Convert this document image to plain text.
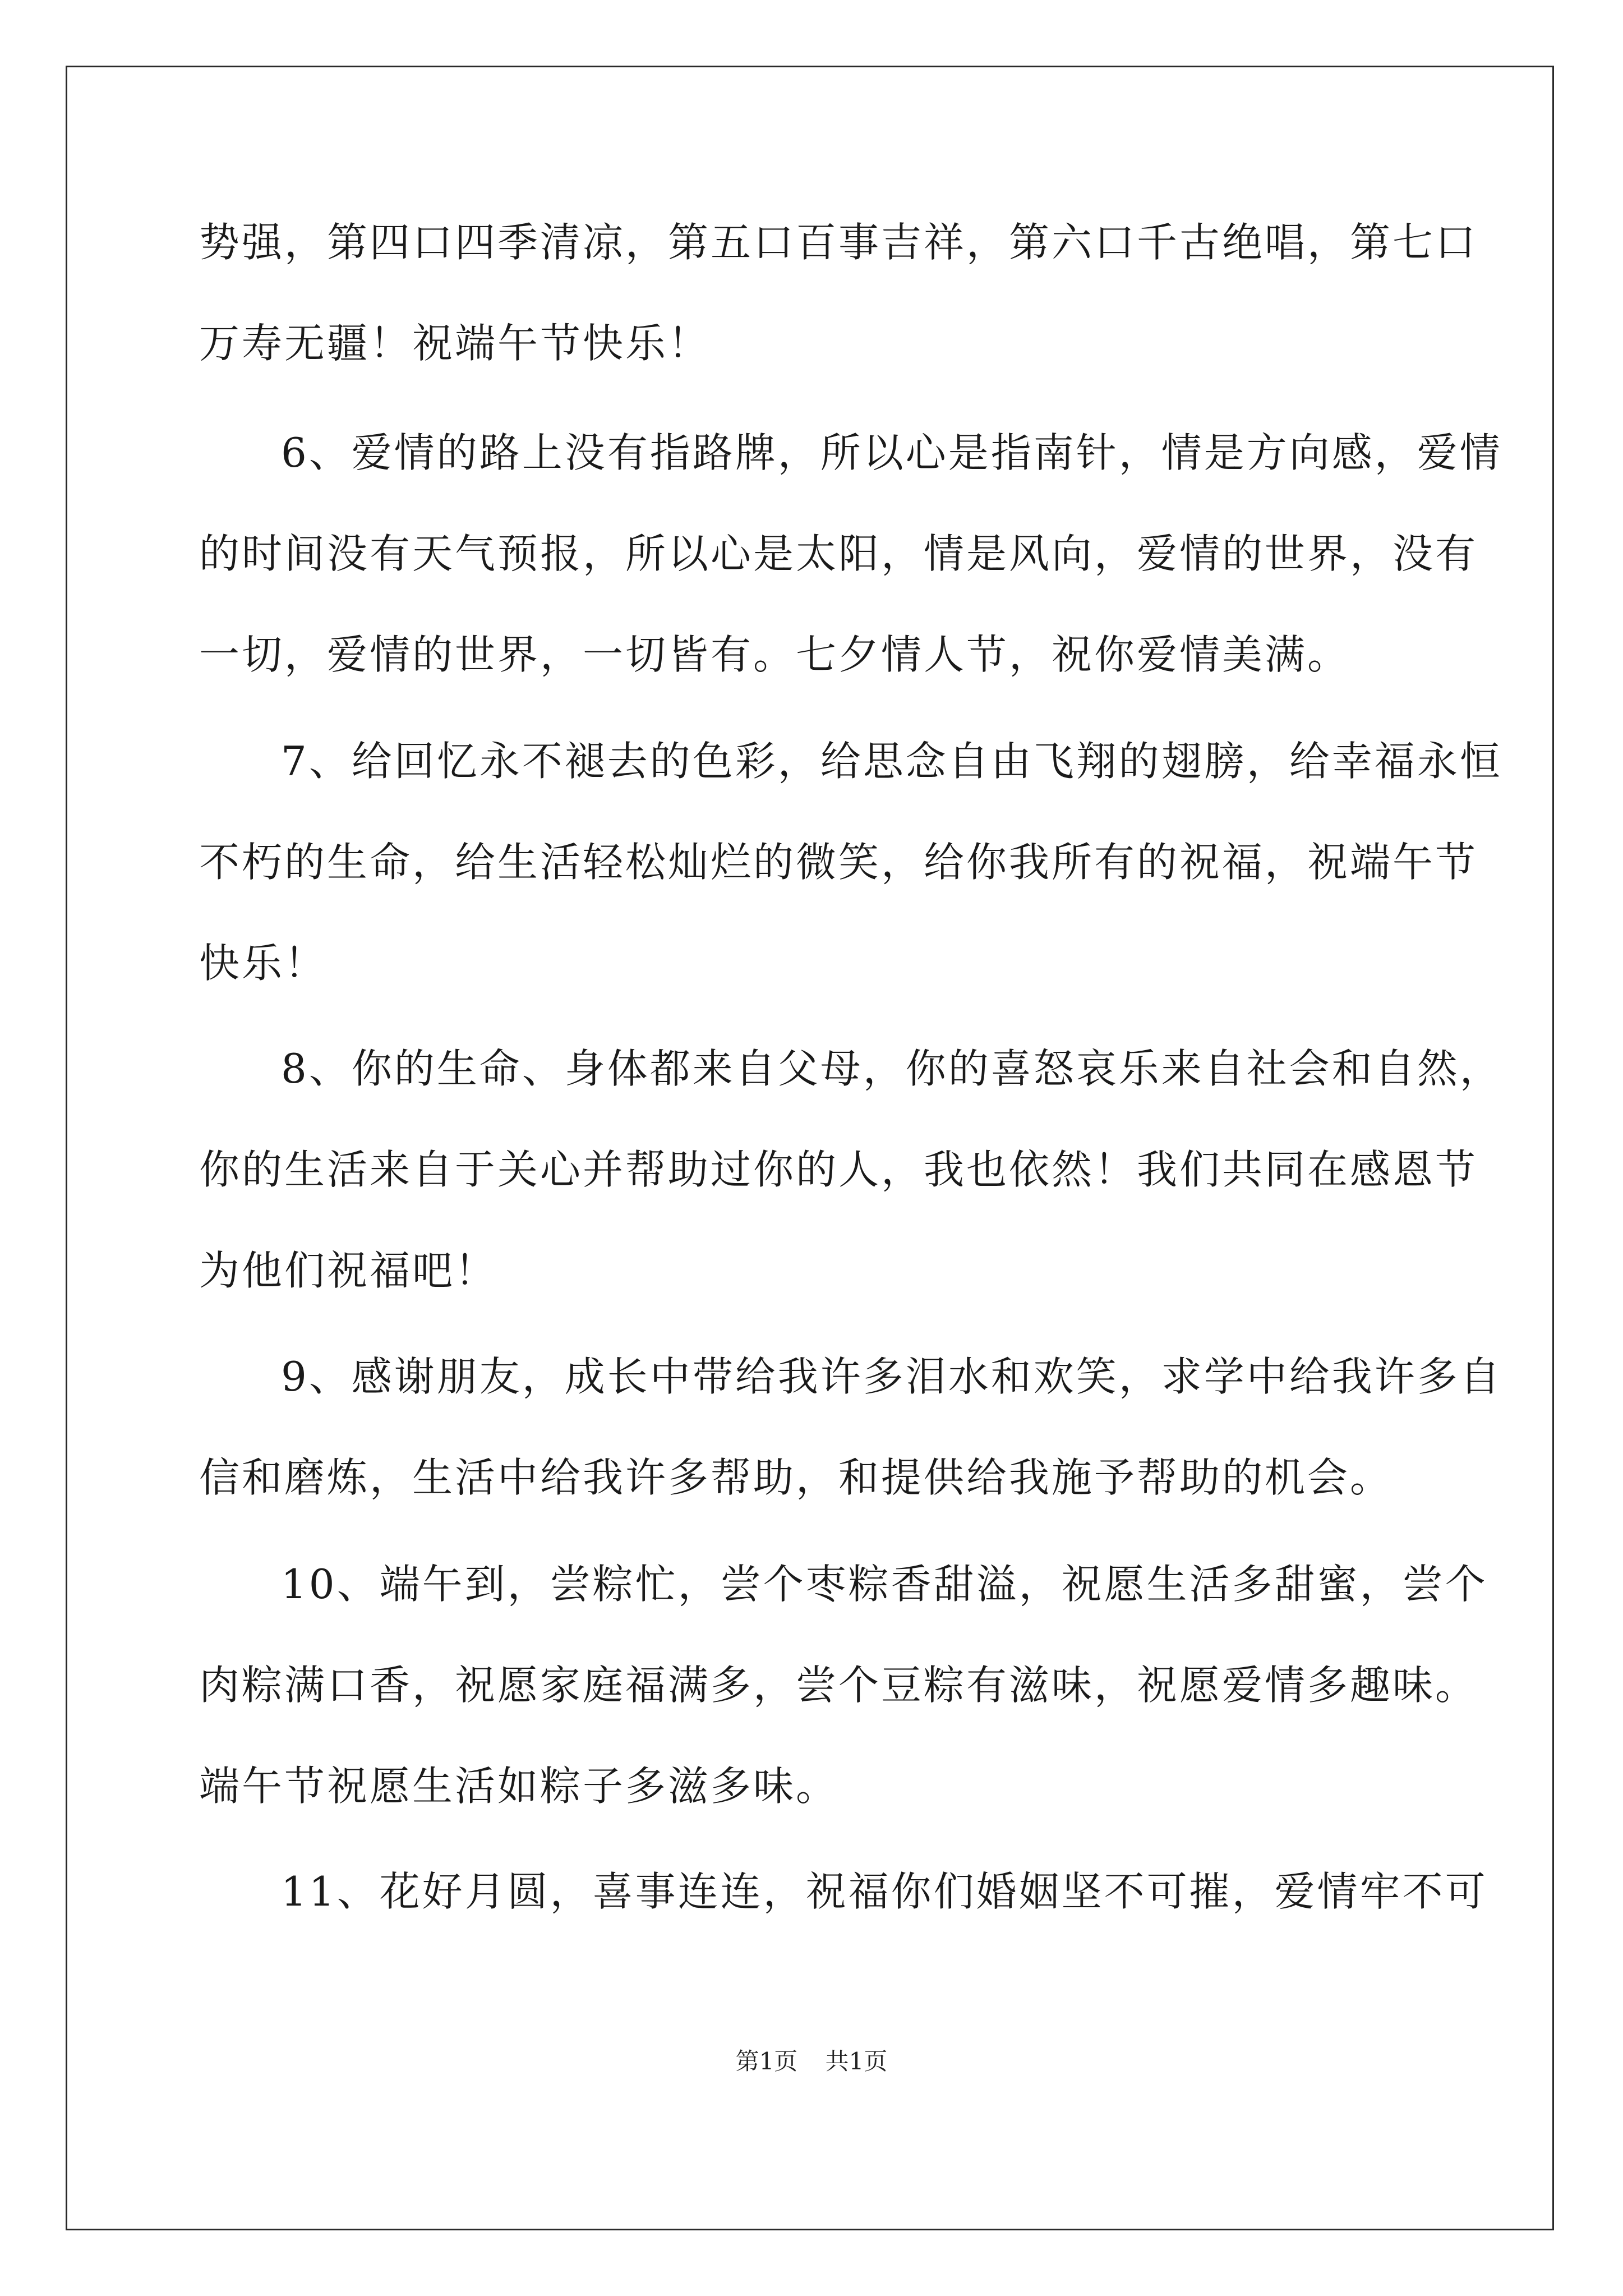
势强，第四口四季清凉，第五口百事吉祥，第六口千古绝唱，第七口
万寿无疆！祝端午节快乐！
6、爱情的路上没有指路牌，所以心是指南针，情是方向感，爱情
的时间没有天气预报，所以心是太阳，情是风向，爱情的世界，没有
一切，爱情的世界，一切皆有。七夕情人节，祝你爱情美满。
7、给回忆永不褪去的色彩，给思念自由飞翔的翅膀，给幸福永恒
不朽的生命，给生活轻松灿烂的微笑，给你我所有的祝福，祝端午节
快乐！
8、你的生命、身体都来自父母，你的喜怒哀乐来自社会和自然，
你的生活来自于关心并帮助过你的人，我也依然！我们共同在感恩节
为他们祝福吧！
9、感谢朋友，成长中带给我许多泪水和欢笑，求学中给我许多自
信和磨炼，生活中给我许多帮助，和提供给我施予帮助的机会。
10、端午到，尝粽忙，尝个枣粽香甜溢，祝愿生活多甜蜜，尝个
肉粽满口香，祝愿家庭福满多，尝个豆粽有滋味，祝愿爱情多趣味。
端午节祝愿生活如粽子多滋多味。
11、花好月圆，喜事连连，祝福你们婚姻坚不可摧，爱情牢不可
第1页 共1页
